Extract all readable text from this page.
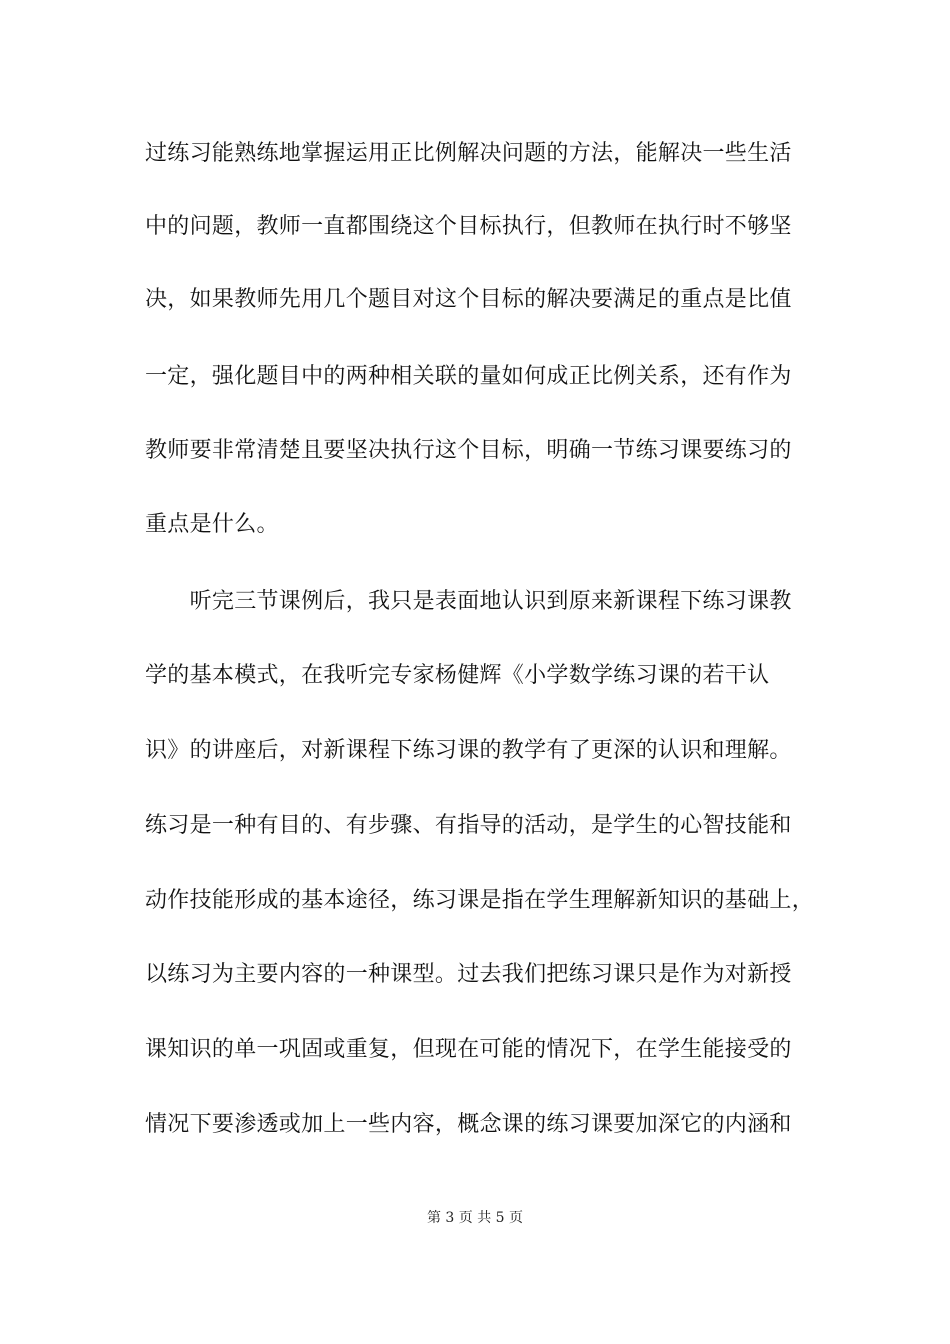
过练习能熟练地掌握运用正比例解决问题的方法，能解决一些生活
中的问题，教师一直都围绕这个目标执行，但教师在执行时不够坚
决，如果教师先用几个题目对这个目标的解决要满足的重点是比值
一定，强化题目中的两种相关联的量如何成正比例关系，还有作为
教师要非常清楚且要坚决执行这个目标，明确一节练习课要练习的
重点是什么。
　　听完三节课例后，我只是表面地认识到原来新课程下练习课教
学的基本模式，在我听完专家杨健辉《小学数学练习课的若干认
识》的讲座后，对新课程下练习课的教学有了更深的认识和理解。
练习是一种有目的、有步骤、有指导的活动，是学生的心智技能和
动作技能形成的基本途径，练习课是指在学生理解新知识的基础上，
以练习为主要内容的一种课型。过去我们把练习课只是作为对新授
课知识的单一巩固或重复，但现在可能的情况下，在学生能接受的
情况下要渗透或加上一些内容，概念课的练习课要加深它的内涵和
第 3 页 共 5 页
